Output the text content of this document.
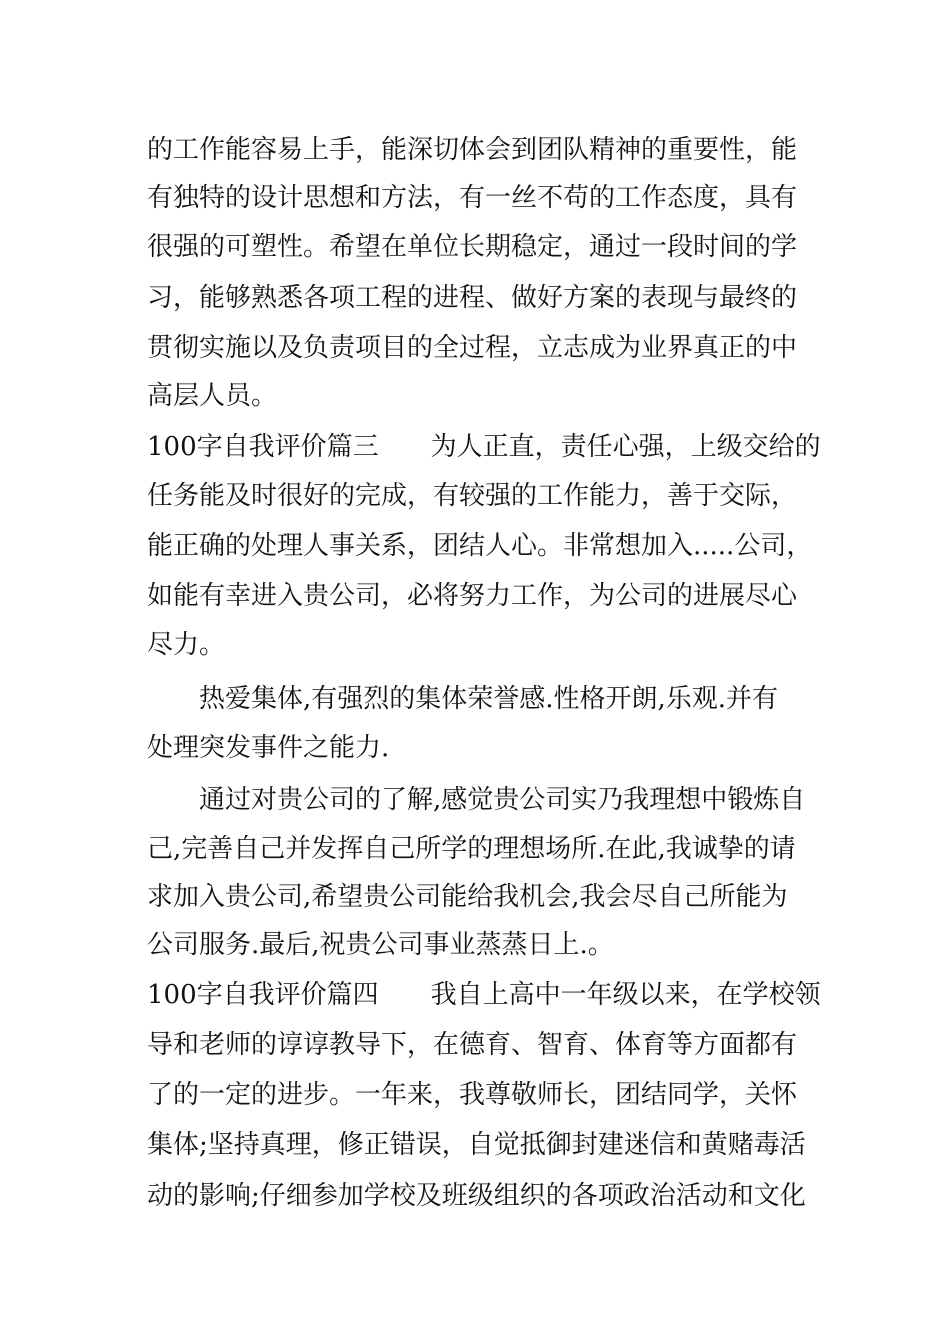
的工作能容易上手，能深切体会到团队精神的重要性，能
有独特的设计思想和方法，有一丝不苟的工作态度，具有
很强的可塑性。希望在单位长期稳定，通过一段时间的学
习，能够熟悉各项工程的进程、做好方案的表现与最终的
贯彻实施以及负责项目的全过程，立志成为业界真正的中
高层人员。
100字自我评价篇三　　为人正直，责任心强，上级交给的
任务能及时很好的完成，有较强的工作能力，善于交际，
能正确的处理人事关系，团结人心。非常想加入.....公司，
如能有幸进入贵公司，必将努力工作，为公司的进展尽心
尽力。
热爱集体,有强烈的集体荣誉感.性格开朗,乐观.并有
处理突发事件之能力.
通过对贵公司的了解,感觉贵公司实乃我理想中锻炼自
己,完善自己并发挥自己所学的理想场所.在此,我诚挚的请
求加入贵公司,希望贵公司能给我机会,我会尽自己所能为
公司服务.最后,祝贵公司事业蒸蒸日上.。
100字自我评价篇四　　我自上高中一年级以来，在学校领
导和老师的谆谆教导下，在德育、智育、体育等方面都有
了的一定的进步。一年来，我尊敬师长，团结同学，关怀
集体;坚持真理，修正错误，自觉抵御封建迷信和黄赌毒活
动的影响;仔细参加学校及班级组织的各项政治活动和文化
